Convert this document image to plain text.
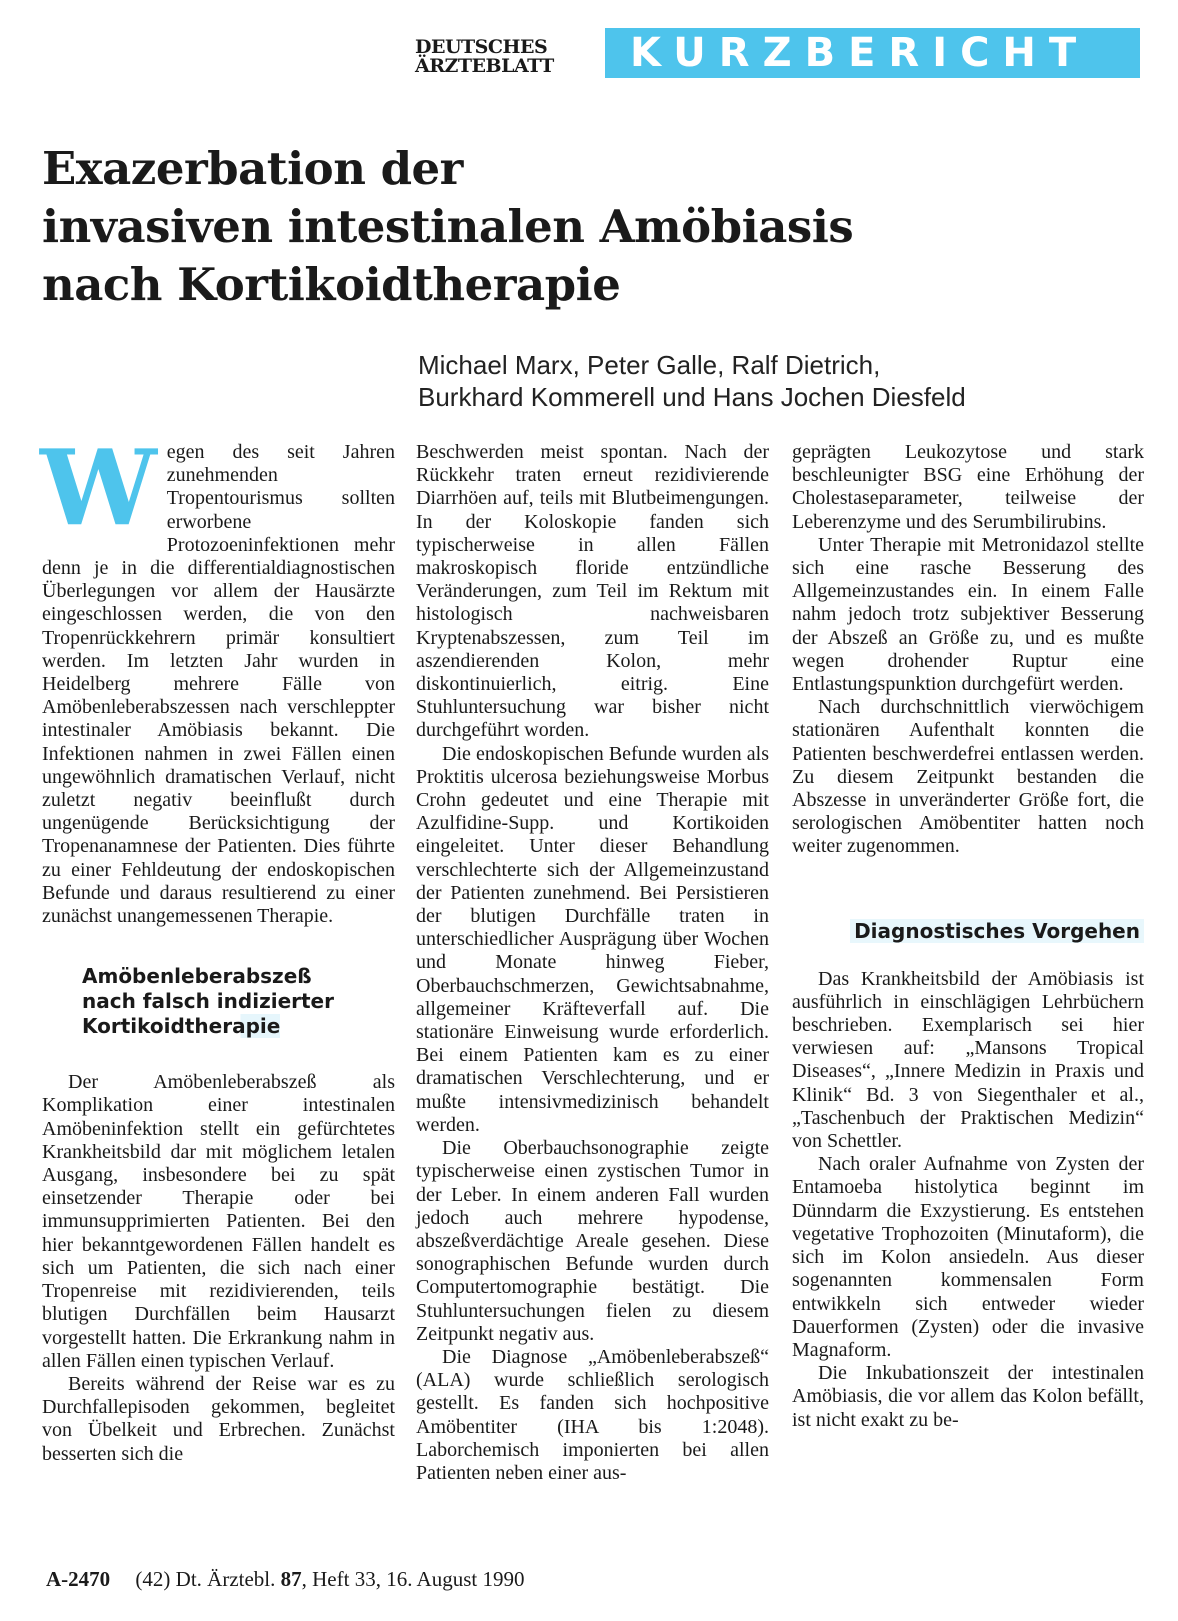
DEUTSCHES
ÄRZTEBLATT	KURZBERICHT
Exazerbation der
invasiven intestinalen Amöbiasis
nach Kortikoidtherapie
Michael Marx, Peter Galle, Ralf Dietrich,
Burkhard Kommerell und Hans Jochen Diesfeld
W egen des seit Jahren zunehmenden Tropentourismus sollten erworbene Protozoeninfektionen mehr denn je in die differentialdiagnostischen Überlegungen vor allem der Hausärzte eingeschlossen werden, die von den Tropenrückkehrern primär konsultiert werden. Im letzten Jahr wurden in Heidelberg mehrere Fälle von Amöbenleberabszessen nach verschleppter intestinaler Amöbiasis bekannt. Die Infektionen nahmen in zwei Fällen einen ungewöhnlich dramatischen Verlauf, nicht zuletzt negativ beeinflußt durch ungenügende Berücksichtigung der Tropenanamnese der Patienten. Dies führte zu einer Fehldeutung der endoskopischen Befunde und daraus resultierend zu einer zunächst unangemessenen Therapie.

Amöbenleberabszeß
nach falsch indizierter
Kortikoidtherapie

Der Amöbenleberabszeß als Komplikation einer intestinalen Amöbeninfektion stellt ein gefürchtetes Krankheitsbild dar mit möglichem letalen Ausgang, insbesondere bei zu spät einsetzender Therapie oder bei immunsupprimierten Patienten. Bei den hier bekanntgewordenen Fällen handelt es sich um Patienten, die sich nach einer Tropenreise mit rezidivierenden, teils blutigen Durchfällen beim Hausarzt vorgestellt hatten. Die Erkrankung nahm in allen Fällen einen typischen Verlauf.

Bereits während der Reise war es zu Durchfallepisoden gekommen, begleitet von Übelkeit und Erbrechen. Zunächst besserten sich die

Beschwerden meist spontan. Nach der Rückkehr traten erneut rezidivierende Diarrhöen auf, teils mit Blutbeimengungen. In der Koloskopie fanden sich typischerweise in allen Fällen makroskopisch floride entzündliche Veränderungen, zum Teil im Rektum mit histologisch nachweisbaren Kryptenabszessen, zum Teil im aszendierenden Kolon, mehr diskontinuierlich, eitrig. Eine Stuhluntersuchung war bisher nicht durchgeführt worden.

Die endoskopischen Befunde wurden als Proktitis ulcerosa beziehungsweise Morbus Crohn gedeutet und eine Therapie mit Azulfidine-Supp. und Kortikoiden eingeleitet. Unter dieser Behandlung verschlechterte sich der Allgemeinzustand der Patienten zunehmend. Bei Persistieren der blutigen Durchfälle traten in unterschiedlicher Ausprägung über Wochen und Monate hinweg Fieber, Oberbauchschmerzen, Gewichtsabnahme, allgemeiner Kräfteverfall auf. Die stationäre Einweisung wurde erforderlich. Bei einem Patienten kam es zu einer dramatischen Verschlechterung, und er mußte intensivmedizinisch behandelt werden.

Die Oberbauchsonographie zeigte typischerweise einen zystischen Tumor in der Leber. In einem anderen Fall wurden jedoch auch mehrere hypodense, abszeßverdächtige Areale gesehen. Diese sonographischen Befunde wurden durch Computertomographie bestätigt. Die Stuhluntersuchungen fielen zu diesem Zeitpunkt negativ aus.

Die Diagnose „Amöbenleberabszeß“ (ALA) wurde schließlich serologisch gestellt. Es fanden sich hochpositive Amöbentiter (IHA bis 1:2048). Laborchemisch imponierten bei allen Patienten neben einer aus-

geprägten Leukozytose und stark beschleunigter BSG eine Erhöhung der Cholestaseparameter, teilweise der Leberenzyme und des Serumbilirubins.

Unter Therapie mit Metronidazol stellte sich eine rasche Besserung des Allgemeinzustandes ein. In einem Falle nahm jedoch trotz subjektiver Besserung der Abszeß an Größe zu, und es mußte wegen drohender Ruptur eine Entlastungspunktion durchgefürt werden.

Nach durchschnittlich vierwöchigem stationären Aufenthalt konnten die Patienten beschwerdefrei entlassen werden. Zu diesem Zeitpunkt bestanden die Abszesse in unveränderter Größe fort, die serologischen Amöbentiter hatten noch weiter zugenommen.

Diagnostisches Vorgehen

Das Krankheitsbild der Amöbiasis ist ausführlich in einschlägigen Lehrbüchern beschrieben. Exemplarisch sei hier verwiesen auf: „Mansons Tropical Diseases“, „Innere Medizin in Praxis und Klinik“ Bd. 3 von Siegenthaler et al., „Taschenbuch der Praktischen Medizin“ von Schettler.

Nach oraler Aufnahme von Zysten der Entamoeba histolytica beginnt im Dünndarm die Exzystierung. Es entstehen vegetative Trophozoiten (Minutaform), die sich im Kolon ansiedeln. Aus dieser sogenannten kommensalen Form entwikkeln sich entweder wieder Dauerformen (Zysten) oder die invasive Magnaform.

Die Inkubationszeit der intestinalen Amöbiasis, die vor allem das Kolon befällt, ist nicht exakt zu be-

A-2470 (42) Dt. Ärztebl. 87, Heft 33, 16. August 1990
